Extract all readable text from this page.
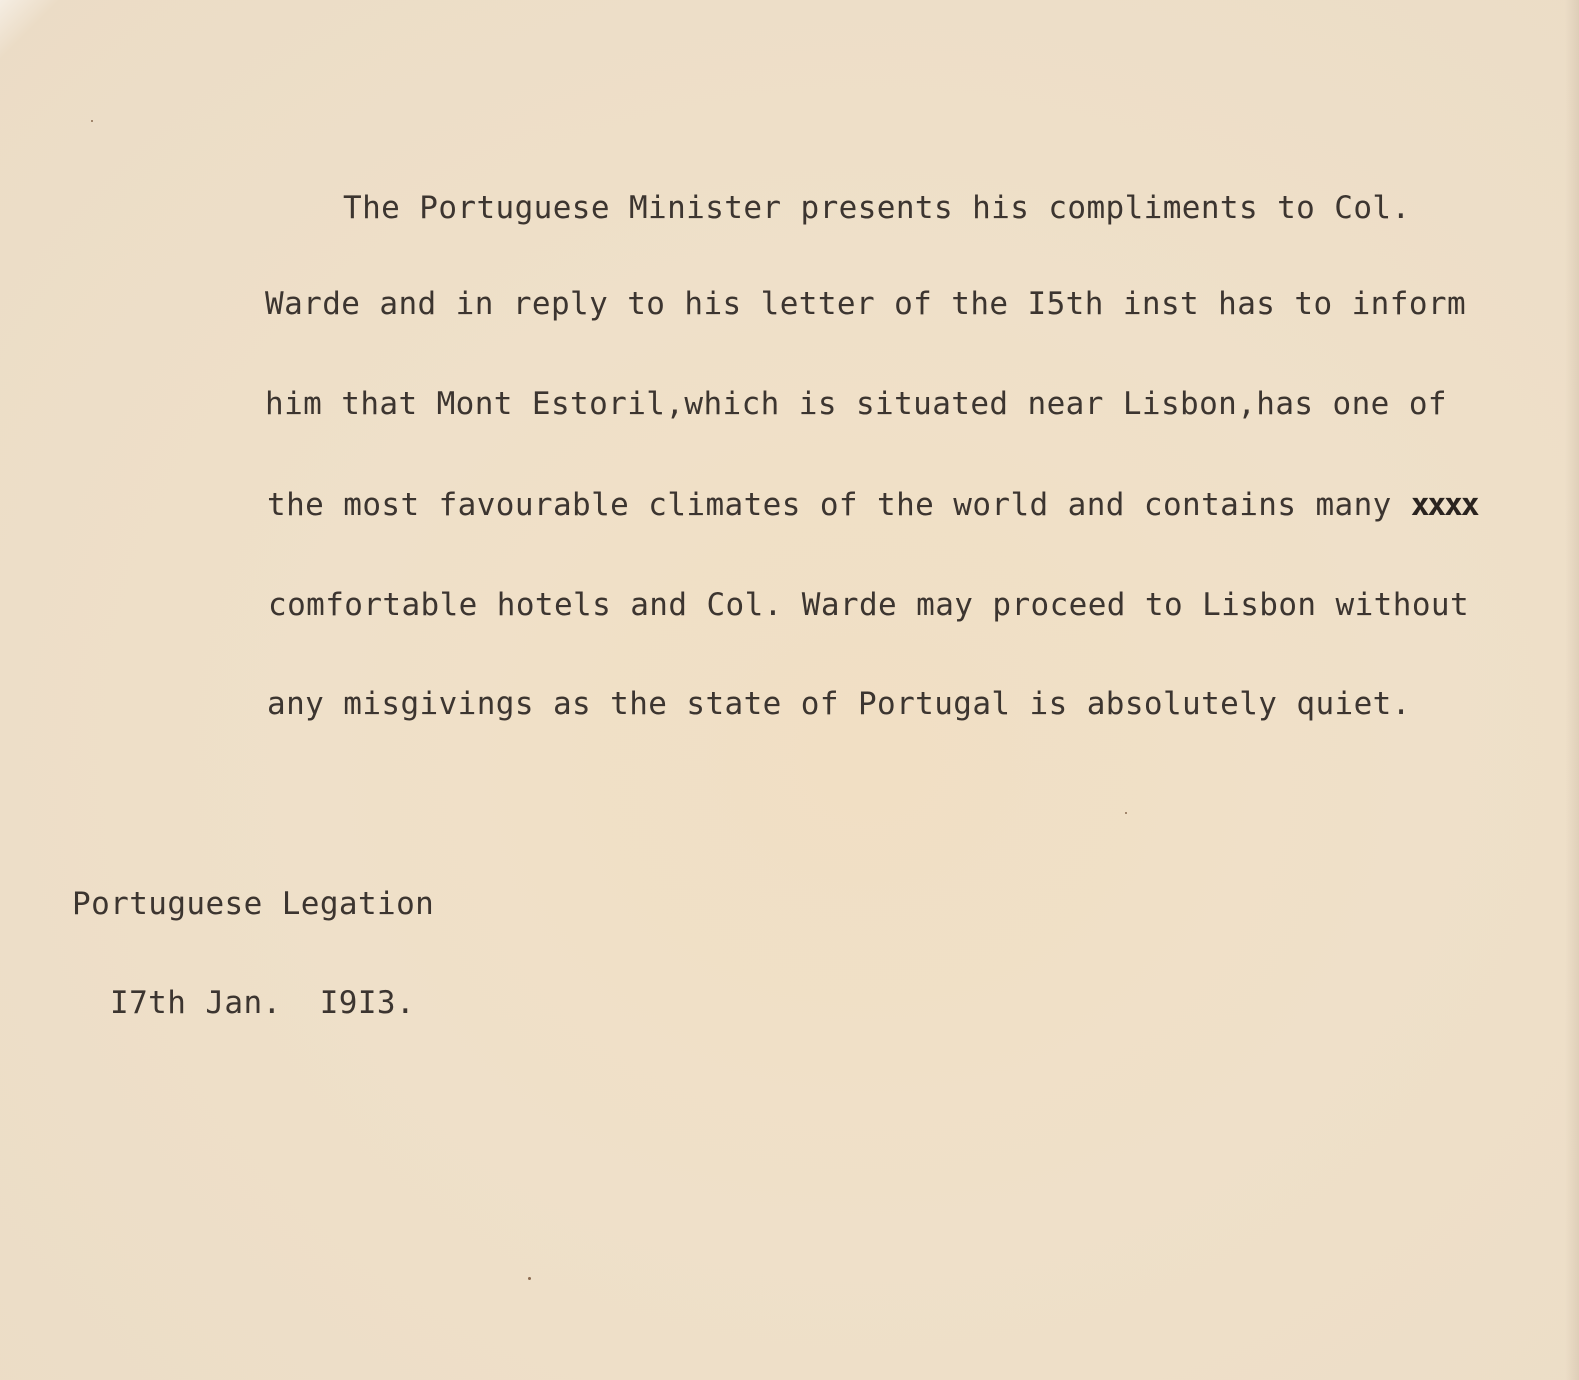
The Portuguese Minister presents his compliments to Col.
Warde and in reply to his letter of the I5th inst has to inform
him that Mont Estoril,which is situated near Lisbon,has one of
the most favourable climates of the world and contains many xxxx
comfortable hotels and Col. Warde may proceed to Lisbon without
any misgivings as the state of Portugal is absolutely quiet.
Portuguese Legation
I7th Jan.  I9I3.
